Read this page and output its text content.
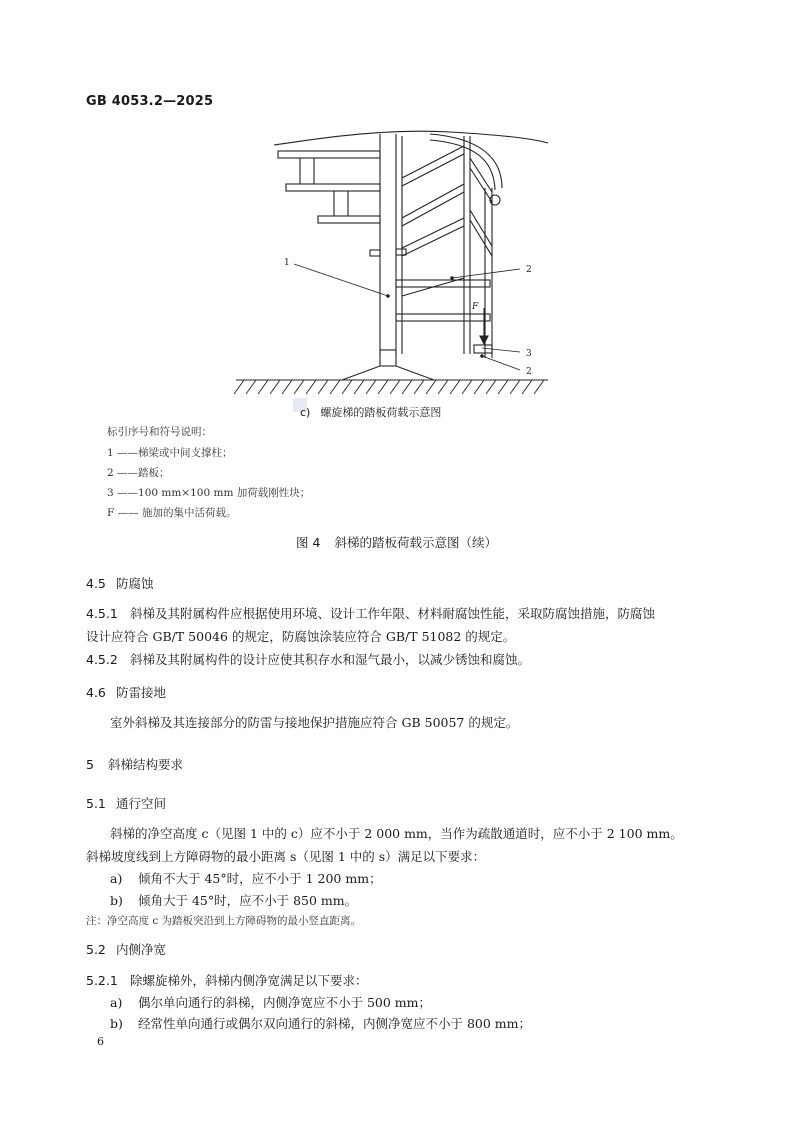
GB 4053.2—2025
1
2
3
2
F
c) 螺旋梯的踏板荷载示意图
标引序号和符号说明：
1 ——梯梁或中间支撑柱；
2 ——踏板；
3 ——100 mm×100 mm 加荷载刚性块；
F —— 施加的集中活荷载。
图 4 斜梯的踏板荷载示意图（续）
4.5 防腐蚀
4.5.1 斜梯及其附属构件应根据使用环境、设计工作年限、材料耐腐蚀性能，采取防腐蚀措施，防腐蚀
设计应符合 GB/T 50046 的规定，防腐蚀涂装应符合 GB/T 51082 的规定。
4.5.2 斜梯及其附属构件的设计应使其积存水和湿气最小，以减少锈蚀和腐蚀。
4.6 防雷接地
室外斜梯及其连接部分的防雷与接地保护措施应符合 GB 50057 的规定。
5 斜梯结构要求
5.1 通行空间
斜梯的净空高度 c（见图 1 中的 c）应不小于 2 000 mm，当作为疏散通道时，应不小于 2 100 mm。
斜梯坡度线到上方障碍物的最小距离 s（见图 1 中的 s）满足以下要求：
a) 倾角不大于 45°时，应不小于 1 200 mm；
b) 倾角大于 45°时，应不小于 850 mm。
注：净空高度 c 为踏板突沿到上方障碍物的最小竖直距离。
5.2 内侧净宽
5.2.1 除螺旋梯外，斜梯内侧净宽满足以下要求：
a) 偶尔单向通行的斜梯，内侧净宽应不小于 500 mm；
b) 经常性单向通行或偶尔双向通行的斜梯，内侧净宽应不小于 800 mm；
6
